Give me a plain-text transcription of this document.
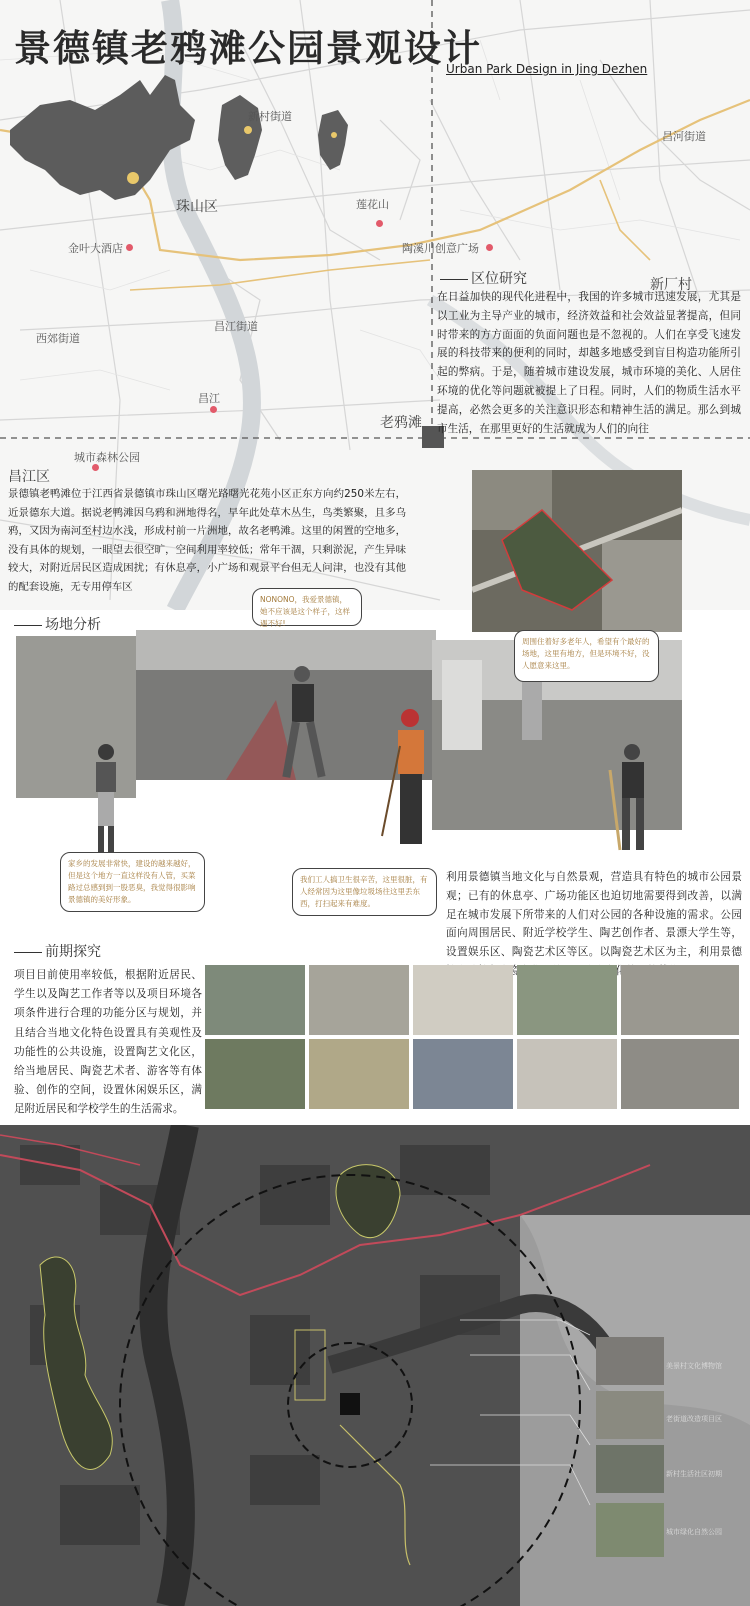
景德镇老鸦滩公园景观设计
Urban Park Design in Jing Dezhen
新村街道
昌河街道
珠山区	莲花山
金叶大酒店	陶溪川创意广场
新厂村
西郊街道
昌江街道
昌江
老鸦滩
城市森林公园
昌江区
区位研究
在日益加快的现代化进程中，我国的许多城市迅速发展，尤其是以工业为主导产业的城市，经济效益和社会效益显著提高，但同时带来的方方面面的负面问题也是不忽视的。人们在享受飞速发展的科技带来的便利的同时，却越多地感受到盲目构造功能所引起的弊病。于是，随着城市建设发展，城市环境的美化、人居住环境的优化等问题就被提上了日程。同时，人们的物质生活水平提高，必然会更多的关注意识形态和精神生活的满足。那么到城市生活，在那里更好的生活就成为人们的向往
景德镇老鸭滩位于江西省景德镇市珠山区曙光路曙光花苑小区正东方向约250米左右，近景德东大道。据说老鸭滩因乌鸦和洲地得名，早年此处草木丛生，鸟类繁聚，且多乌鸦，又因为南河至村边水浅，形成村前一片洲地，故名老鸭滩。这里的闲置的空地多，没有具体的规划，一眼望去很空旷，空间利用率较低；常年干涸，只剩淤泥，产生异味较大，对附近居民区造成困扰；有休息亭，小广场和观景平台但无人问津，也没有其他的配套设施，无专用停车区
场地分析
NONONO，我爱景德镇，她不应该是这个样子，这样遇不好!
周围住着好多老年人，希望有个最好的场地，这里有地方，但是环境不好，没人愿意来这里。
家乡的发展非常快，建设的越来越好，但是这个地方一直这样没有人管，买菜路过总感到到一股恶臭，我觉得很影响景德镇的美好形象。
我们工人搞卫生很辛苦，这里很脏，有人经常因为这里像垃圾场往这里丢东西，打扫起来有难度。
利用景德镇当地文化与自然景观，营造具有特色的城市公园景观；已有的休息亭、广场功能区也迫切地需要得到改善，以满足在城市发展下所带来的人们对公园的各种设施的需求。公园面向周围居民、附近学校学生、陶艺创作者、景漂大学生等，设置娱乐区、陶瓷艺术区等区。以陶瓷艺术区为主，利用景德 陶瓷文
前期探究
项目目前使用率较低，根据附近居民、学生以及陶艺工作者等以及项目环境各项条件进行合理的功能分区与规划，并且结合当地文化特色设置具有美观性及功能性的公共设施，设置陶艺文化区，给当地居民、陶瓷艺术者、游客等有体验、创作的空间，设置休闲娱乐区，满足附近居民和学校学生的生活需求。
美景村文化博物馆
老街道改造项目区
新村生活社区初期
城市绿化自然公园
